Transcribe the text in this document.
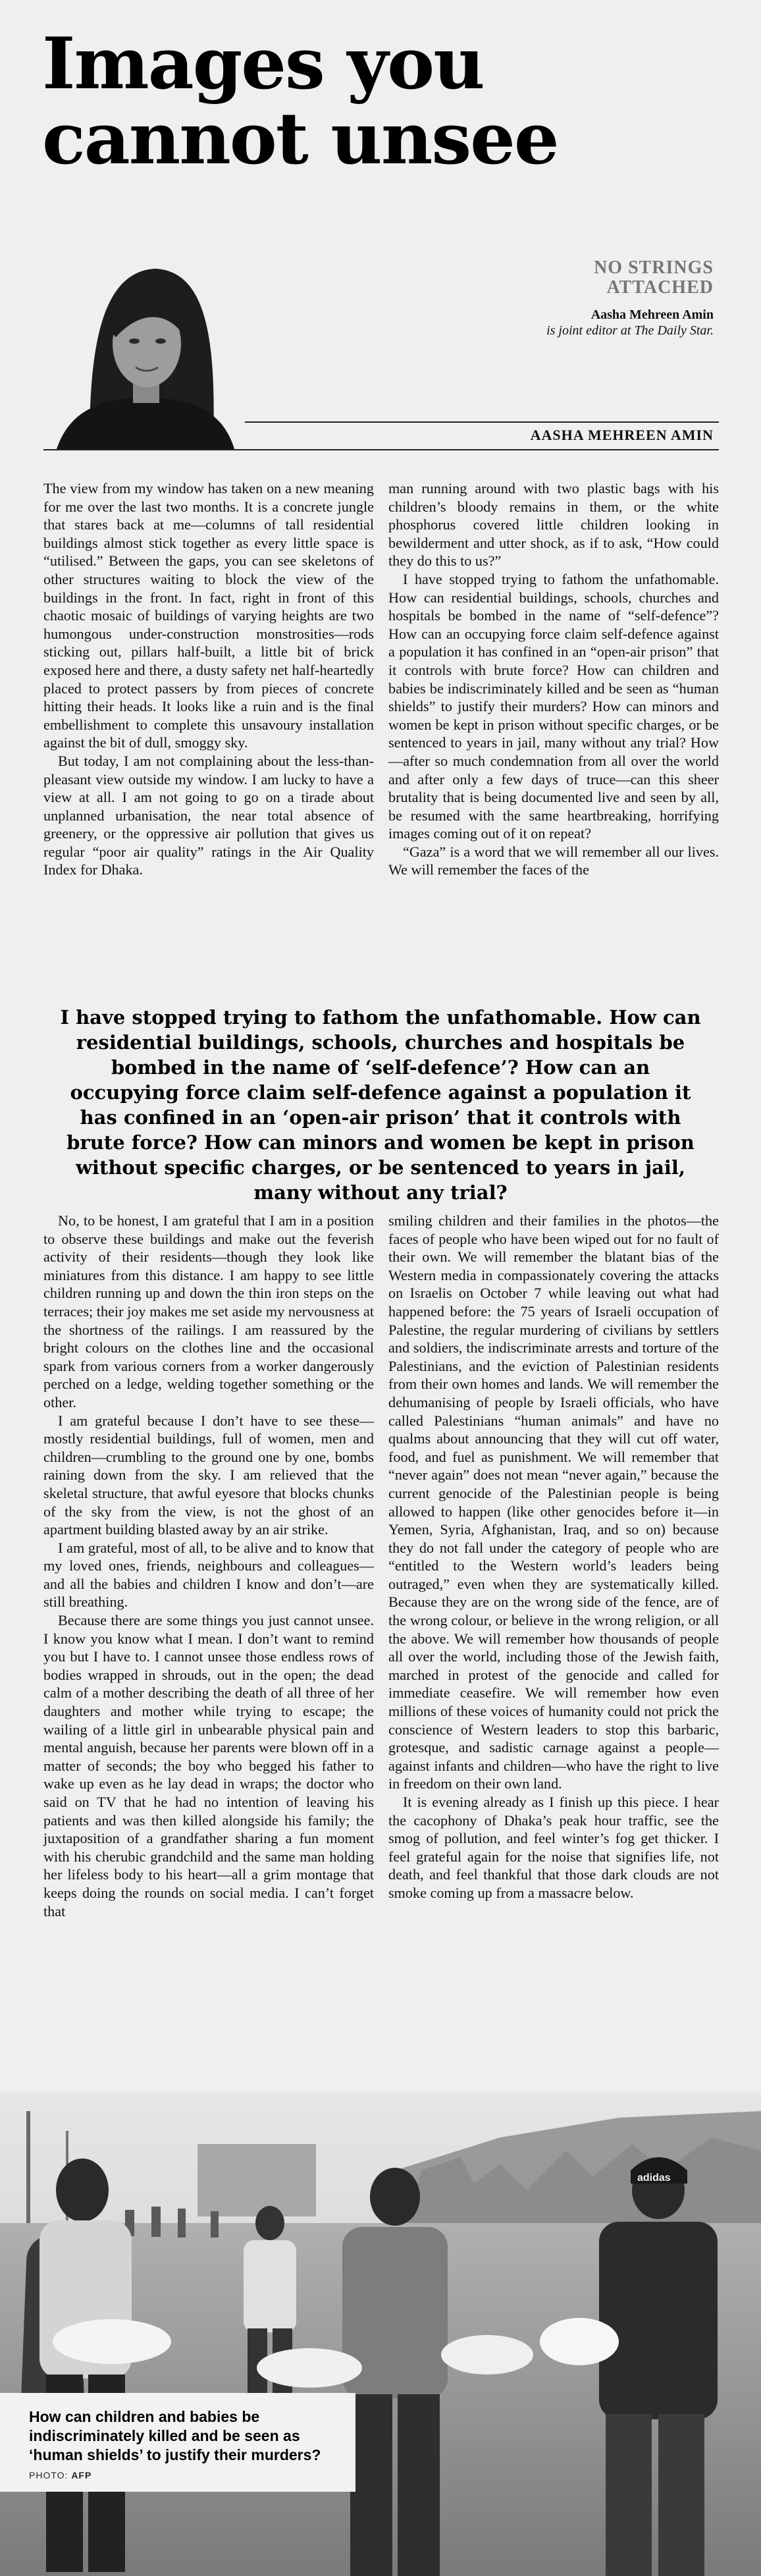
Images you cannot unsee
NO STRINGS ATTACHED
Aasha Mehreen Amin
is joint editor at The Daily Star.
AASHA MEHREEN AMIN

The view from my window has taken on a new meaning for me over the last two months. It is a concrete jungle that stares back at me—columns of tall residential buildings almost stick together as every little space is “utilised.” Between the gaps, you can see skeletons of other structures waiting to block the view of the buildings in the front. In fact, right in front of this chaotic mosaic of buildings of varying heights are two humongous under-construction monstrosities—rods sticking out, pillars half-built, a little bit of brick exposed here and there, a dusty safety net half-heartedly placed to protect passers by from pieces of concrete hitting their heads. It looks like a ruin and is the final embellishment to complete this unsavoury installation against the bit of dull, smoggy sky.

But today, I am not complaining about the less-than-pleasant view outside my window. I am lucky to have a view at all. I am not going to go on a tirade about unplanned urbanisation, the near total absence of greenery, or the oppressive air pollution that gives us regular “poor air quality” ratings in the Air Quality Index for Dhaka.

man running around with two plastic bags with his children’s bloody remains in them, or the white phosphorus covered little children looking in bewilderment and utter shock, as if to ask, “How could they do this to us?”

I have stopped trying to fathom the unfathomable. How can residential buildings, schools, churches and hospitals be bombed in the name of “self-defence”? How can an occupying force claim self-defence against a population it has confined in an “open-air prison” that it controls with brute force? How can children and babies be indiscriminately killed and be seen as “human shields” to justify their murders? How can minors and women be kept in prison without specific charges, or be sentenced to years in jail, many without any trial? How—after so much condemnation from all over the world and after only a few days of truce—can this sheer brutality that is being documented live and seen by all, be resumed with the same heartbreaking, horrifying images coming out of it on repeat?

“Gaza” is a word that we will remember all our lives. We will remember the faces of the

I have stopped trying to fathom the unfathomable. How can residential buildings, schools, churches and hospitals be bombed in the name of ‘self-defence’? How can an occupying force claim self-defence against a population it has confined in an ‘open-air prison’ that it controls with brute force? How can minors and women be kept in prison without specific charges, or be sentenced to years in jail, many without any trial?

No, to be honest, I am grateful that I am in a position to observe these buildings and make out the feverish activity of their residents—though they look like miniatures from this distance. I am happy to see little children running up and down the thin iron steps on the terraces; their joy makes me set aside my nervousness at the shortness of the railings. I am reassured by the bright colours on the clothes line and the occasional spark from various corners from a worker dangerously perched on a ledge, welding together something or the other.

I am grateful because I don’t have to see these—mostly residential buildings, full of women, men and children—crumbling to the ground one by one, bombs raining down from the sky. I am relieved that the skeletal structure, that awful eyesore that blocks chunks of the sky from the view, is not the ghost of an apartment building blasted away by an air strike.

I am grateful, most of all, to be alive and to know that my loved ones, friends, neighbours and colleagues—and all the babies and children I know and don’t—are still breathing.

Because there are some things you just cannot unsee. I know you know what I mean. I don’t want to remind you but I have to. I cannot unsee those endless rows of bodies wrapped in shrouds, out in the open; the dead calm of a mother describing the death of all three of her daughters and mother while trying to escape; the wailing of a little girl in unbearable physical pain and mental anguish, because her parents were blown off in a matter of seconds; the boy who begged his father to wake up even as he lay dead in wraps; the doctor who said on TV that he had no intention of leaving his patients and was then killed alongside his family; the juxtaposition of a grandfather sharing a fun moment with his cherubic grandchild and the same man holding her lifeless body to his heart—all a grim montage that keeps doing the rounds on social media. I can’t forget that

smiling children and their families in the photos—the faces of people who have been wiped out for no fault of their own. We will remember the blatant bias of the Western media in compassionately covering the attacks on Israelis on October 7 while leaving out what had happened before: the 75 years of Israeli occupation of Palestine, the regular murdering of civilians by settlers and soldiers, the indiscriminate arrests and torture of the Palestinians, and the eviction of Palestinian residents from their own homes and lands. We will remember the dehumanising of people by Israeli officials, who have called Palestinians “human animals” and have no qualms about announcing that they will cut off water, food, and fuel as punishment. We will remember that “never again” does not mean “never again,” because the current genocide of the Palestinian people is being allowed to happen (like other genocides before it—in Yemen, Syria, Afghanistan, Iraq, and so on) because they do not fall under the category of people who are “entitled to the Western world’s leaders being outraged,” even when they are systematically killed. Because they are on the wrong side of the fence, are of the wrong colour, or believe in the wrong religion, or all the above. We will remember how thousands of people all over the world, including those of the Jewish faith, marched in protest of the genocide and called for immediate ceasefire. We will remember how even millions of these voices of humanity could not prick the conscience of Western leaders to stop this barbaric, grotesque, and sadistic carnage against a people—against infants and children—who have the right to live in freedom on their own land.

It is evening already as I finish up this piece. I hear the cacophony of Dhaka’s peak hour traffic, see the smog of pollution, and feel winter’s fog get thicker. I feel grateful again for the noise that signifies life, not death, and feel thankful that those dark clouds are not smoke coming up from a massacre below.

adidas
How can children and babies be indiscriminately killed and be seen as ‘human shields’ to justify their murders?
PHOTO: AFP
